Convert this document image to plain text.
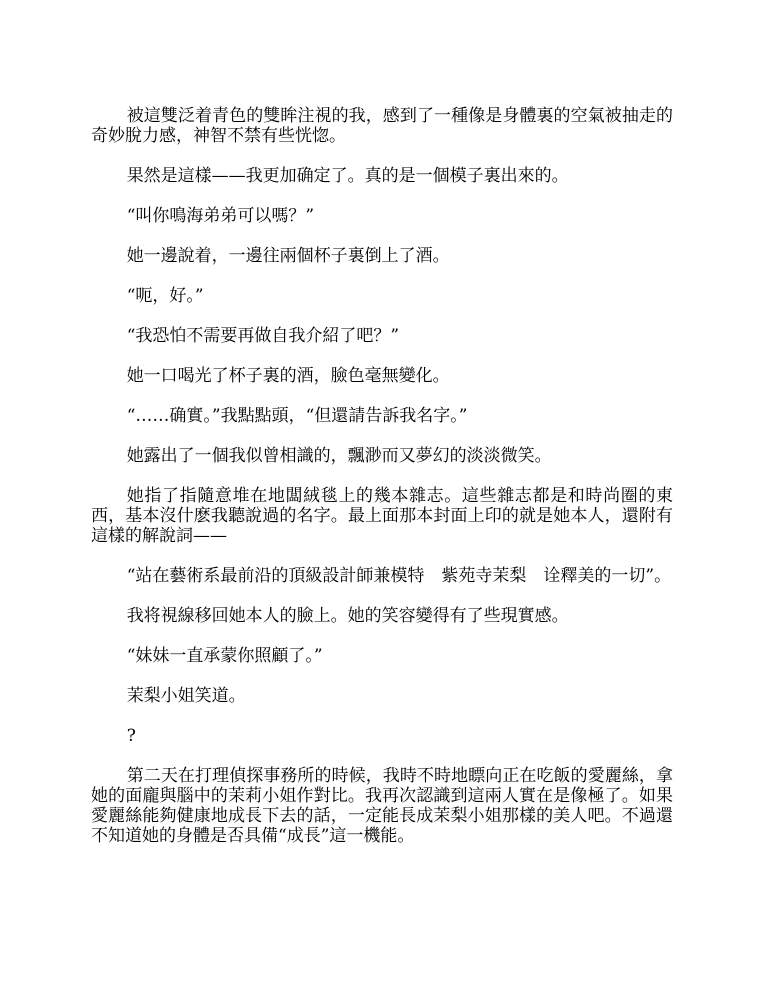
被這雙泛着青色的雙眸注視的我，感到了一種像是身體裏的空氣被抽走的奇妙脫力感，神智不禁有些恍惚。

果然是這樣——我更加确定了。真的是一個模子裏出來的。

“叫你鳴海弟弟可以嗎？”

她一邊說着，一邊往兩個杯子裏倒上了酒。

“呃，好。”

“我恐怕不需要再做自我介紹了吧？”

她一口喝光了杯子裏的酒，臉色毫無變化。

“……确實。”我點點頭，“但還請告訴我名字。”

她露出了一個我似曾相識的，飄渺而又夢幻的淡淡微笑。

她指了指隨意堆在地闆絨毯上的幾本雜志。這些雜志都是和時尚圈的東西，基本沒什麽我聽說過的名字。最上面那本封面上印的就是她本人，還附有這樣的解說詞——

“站在藝術系最前沿的頂級設計師兼模特　紫苑寺茉梨　诠釋美的一切”。

我将視線移回她本人的臉上。她的笑容變得有了些現實感。

“妹妹一直承蒙你照顧了。”

茉梨小姐笑道。

?

第二天在打理偵探事務所的時候，我時不時地瞟向正在吃飯的愛麗絲，拿她的面龐與腦中的茉莉小姐作對比。我再次認識到這兩人實在是像極了。如果愛麗絲能夠健康地成長下去的話，一定能長成茉梨小姐那樣的美人吧。不過還不知道她的身體是否具備“成長”這一機能。
